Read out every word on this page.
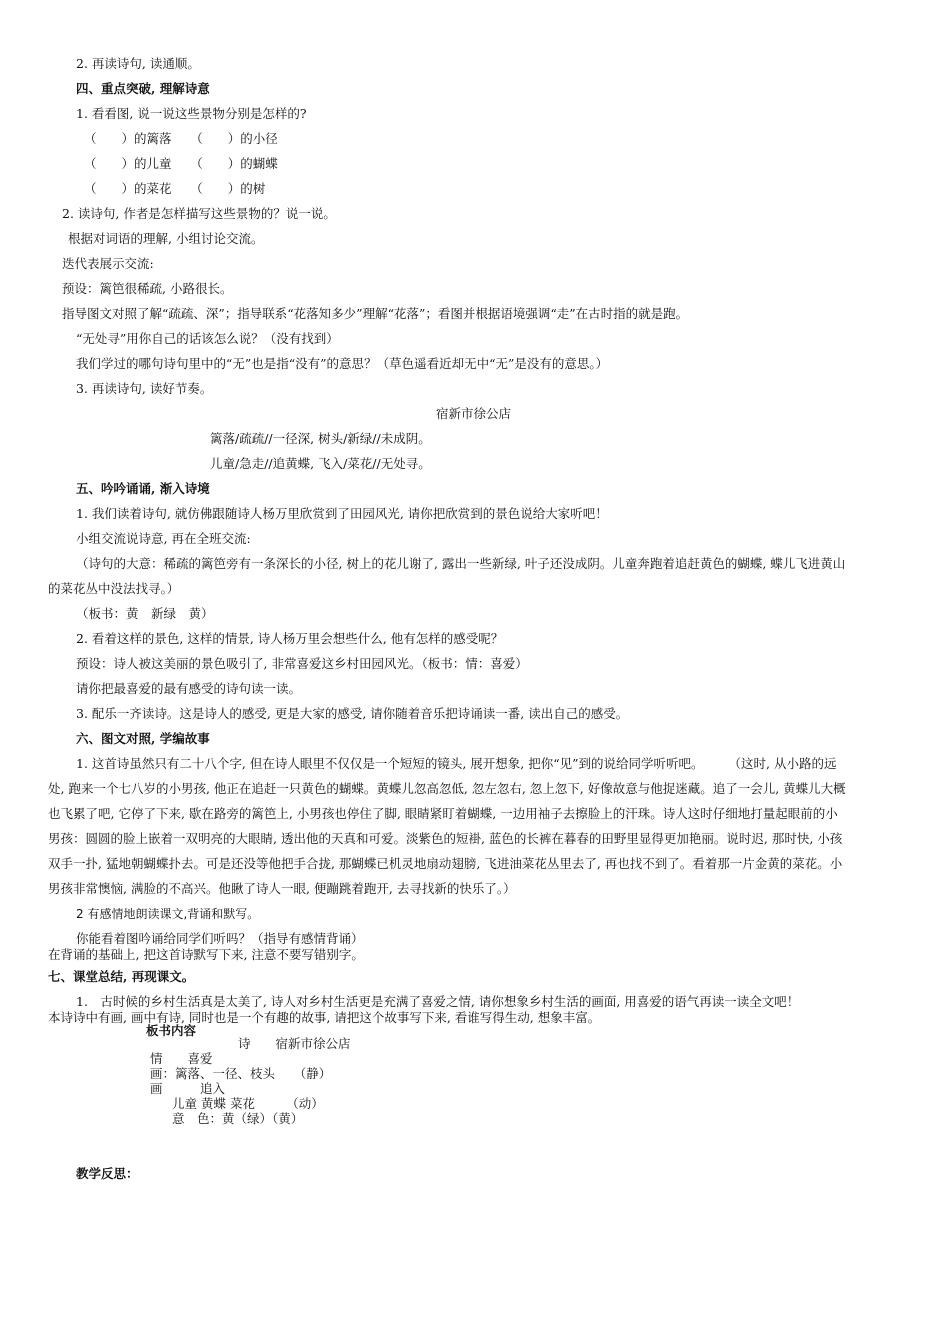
2. 再读诗句, 读通顺。
四、重点突破, 理解诗意
1. 看看图, 说一说这些景物分别是怎样的?
（　　）的篱落　　（　　）的小径
（　　）的儿童　　（　　）的蝴蝶
（　　）的菜花　　（　　）的树
2. 读诗句, 作者是怎样描写这些景物的？说一说。
根据对词语的理解, 小组讨论交流。
迭代表展示交流:
预设：篱笆很稀疏, 小路很长。
指导图文对照了解“疏疏、深”；指导联系“花落知多少”理解“花落”；看图并根据语境强调“走”在古时指的就是跑。
“无处寻”用你自己的话该怎么说？（没有找到）
我们学过的哪句诗句里中的“无”也是指“没有”的意思？（草色遥看近却无中“无”是没有的意思。）
3. 再读诗句, 读好节奏。
宿新市徐公店
篱落/疏疏//一径深, 树头/新绿//未成阴。
儿童/急走//追黄蝶, 飞入/菜花//无处寻。
五、吟吟诵诵, 渐入诗境
1. 我们读着诗句, 就仿佛跟随诗人杨万里欣赏到了田园风光, 请你把欣赏到的景色说给大家听吧！
小组交流说诗意, 再在全班交流:
（诗句的大意：稀疏的篱笆旁有一条深长的小径, 树上的花儿谢了, 露出一些新绿, 叶子还没成阴。儿童奔跑着追赶黄色的蝴蝶, 蝶儿飞进黄山
的菜花丛中没法找寻。）
（板书：黄　新绿　黄）
2. 看着这样的景色, 这样的情景, 诗人杨万里会想些什么, 他有怎样的感受呢？
预设：诗人被这美丽的景色吸引了, 非常喜爱这乡村田园风光。（板书：情：喜爱）
请你把最喜爱的最有感受的诗句读一读。
3. 配乐一齐读诗。这是诗人的感受, 更是大家的感受, 请你随着音乐把诗诵读一番, 读出自己的感受。
六、图文对照, 学编故事
1. 这首诗虽然只有二十八个字, 但在诗人眼里不仅仅是一个短短的镜头, 展开想象, 把你“见”到的说给同学听听吧。　　　（这时, 从小路的远
处, 跑来一个七八岁的小男孩, 他正在追赶一只黄色的蝴蝶。黄蝶儿忽高忽低, 忽左忽右, 忽上忽下, 好像故意与他捉迷藏。追了一会儿, 黄蝶儿大概
也飞累了吧, 它停了下来, 歇在路旁的篱笆上, 小男孩也停住了脚, 眼睛紧盯着蝴蝶, 一边用袖子去擦脸上的汗珠。诗人这时仔细地打量起眼前的小
男孩：圆圆的脸上嵌着一双明亮的大眼睛, 透出他的天真和可爱。淡紫色的短褂, 蓝色的长裤在暮春的田野里显得更加艳丽。说时迟, 那时快, 小孩
双手一扑, 猛地朝蝴蝶扑去。可是还没等他把手合拢, 那蝴蝶已机灵地扇动翅膀, 飞进油菜花丛里去了, 再也找不到了。看着那一片金黄的菜花。小
男孩非常懊恼, 满脸的不高兴。他瞅了诗人一眼, 便蹦跳着跑开, 去寻找新的快乐了。）
2 有感情地朗读课文,背诵和默写。
你能看着图吟诵给同学们听吗？（指导有感情背诵）
在背诵的基础上, 把这首诗默写下来, 注意不要写错别字。
七、课堂总结, 再现课文。
1.　古时候的乡村生活真是太美了, 诗人对乡村生活更是充满了喜爱之情, 请你想象乡村生活的画面, 用喜爱的语气再读一读全文吧！
本诗诗中有画, 画中有诗, 同时也是一个有趣的故事, 请把这个故事写下来, 看谁写得生动, 想象丰富。
板书内容
诗　　宿新市徐公店
情　　喜爱
画：篱落、一径、枝头　　（静）
画　　　追入
儿童 黄蝶 菜花　　　（动）
意　色：黄（绿）（黄）
教学反思：
